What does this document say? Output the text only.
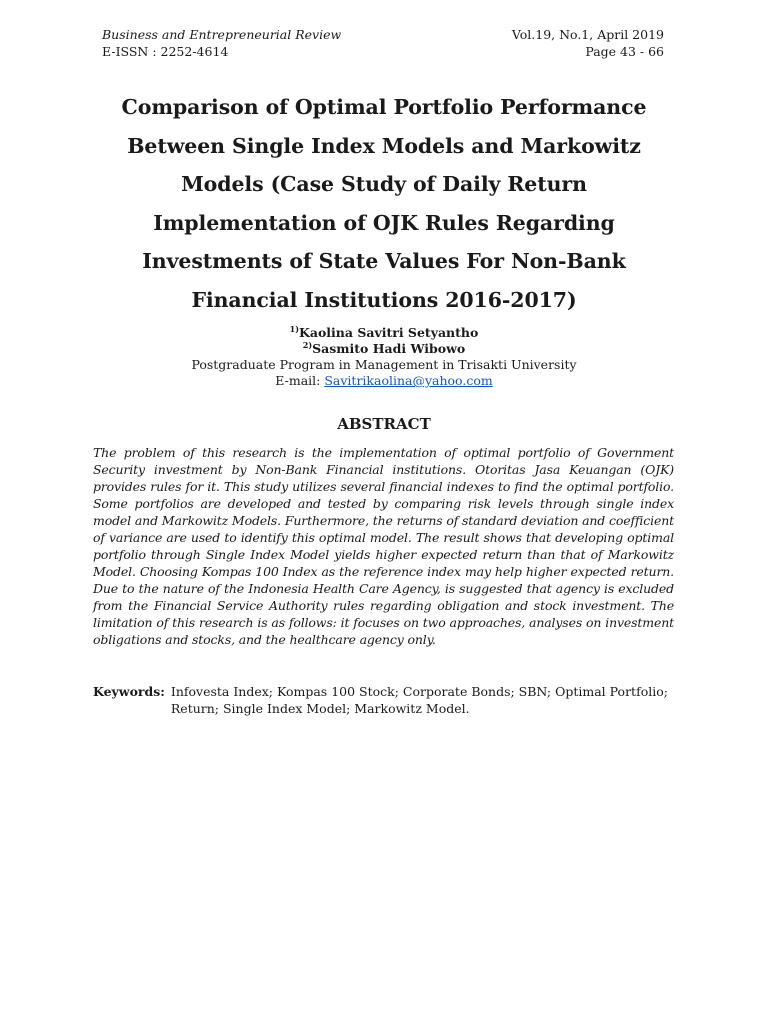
Business and Entrepreneurial Review	Vol.19, No.1, April 2019
E-ISSN : 2252-4614	Page 43 - 66
Comparison of Optimal Portfolio Performance Between Single Index Models and Markowitz Models (Case Study of Daily Return Implementation of OJK Rules Regarding Investments of State Values For Non-Bank Financial Institutions 2016-2017)
$^{1)}$Kaolina Savitri Setyantho
$^{2)}$Sasmito Hadi Wibowo
Postgraduate Program in Management in Trisakti University
E-mail: Savitrikaolina@yahoo.com
ABSTRACT
The problem of this research is the implementation of optimal portfolio of Government Security investment by Non-Bank Financial institutions. Otoritas Jasa Keuangan (OJK) provides rules for it. This study utilizes several financial indexes to find the optimal portfolio. Some portfolios are developed and tested by comparing risk levels through single index model and Markowitz Models. Furthermore, the returns of standard deviation and coefficient of variance are used to identify this optimal model. The result shows that developing optimal portfolio through Single Index Model yields higher expected return than that of Markowitz Model. Choosing Kompas 100 Index as the reference index may help higher expected return. Due to the nature of the Indonesia Health Care Agency, is suggested that agency is excluded from the Financial Service Authority rules regarding obligation and stock investment. The limitation of this research is as follows: it focuses on two approaches, analyses on investment obligations and stocks, and the healthcare agency only.
Keywords: Infovesta Index; Kompas 100 Stock; Corporate Bonds; SBN; Optimal Portfolio; Return; Single Index Model; Markowitz Model.
